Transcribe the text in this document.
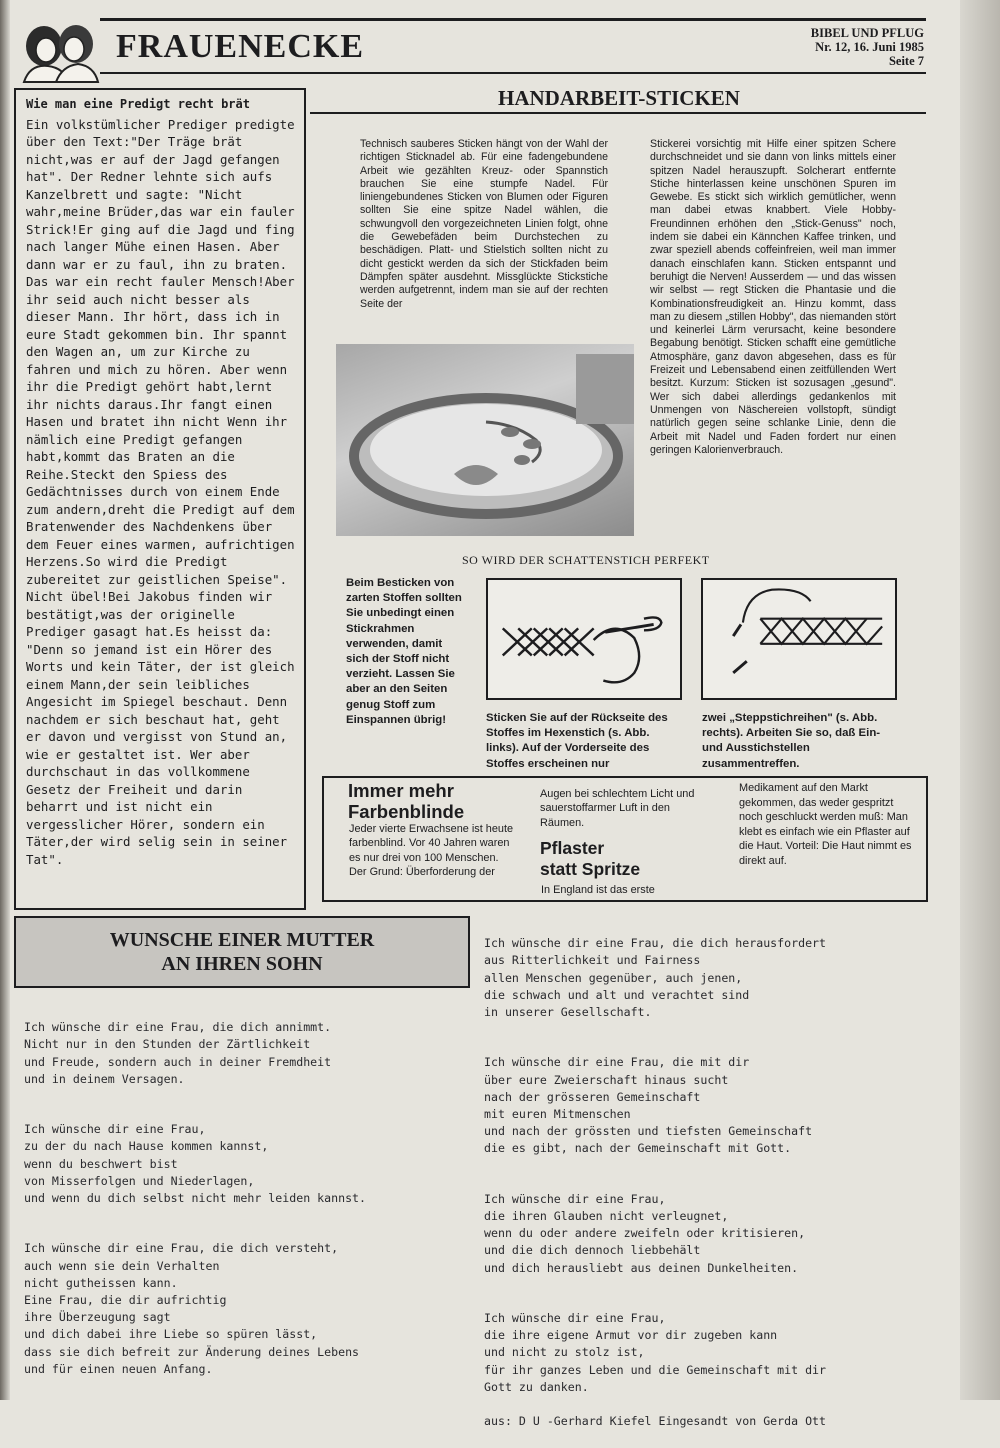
FRAUENECKE	BIBEL UND PFLUG
Nr. 12, 16. Juni 1985
Seite 7
Wie man eine Predigt recht brät
Ein volkstümlicher Prediger predigte über den Text:"Der Träge brät nicht,was er auf der Jagd gefangen hat". Der Redner lehnte sich aufs Kanzelbrett und sagte: "Nicht wahr,meine Brüder,das war ein fauler Strick!Er ging auf die Jagd und fing nach langer Mühe einen Hasen. Aber dann war er zu faul, ihn zu braten. Das war ein recht fauler Mensch!Aber ihr seid auch nicht besser als dieser Mann. Ihr hört, dass ich in eure Stadt gekommen bin. Ihr spannt den Wagen an, um zur Kirche zu fahren und mich zu hören. Aber wenn ihr die Predigt gehört habt,lernt ihr nichts daraus.Ihr fangt einen Hasen und bratet ihn nicht Wenn ihr nämlich eine Predigt gefangen habt,kommt das Braten an die Reihe.Steckt den Spiess des Gedächtnisses durch von einem Ende zum andern,dreht die Predigt auf dem Bratenwender des Nachdenkens über dem Feuer eines warmen, aufrichtigen Herzens.So wird die Predigt zubereitet zur geistlichen Speise".
Nicht übel!Bei Jakobus finden wir bestätigt,was der originelle Prediger gasagt hat.Es heisst da: "Denn so jemand ist ein Hörer des Worts und kein Täter, der ist gleich einem Mann,der sein leibliches Angesicht im Spiegel beschaut. Denn nachdem er sich beschaut hat, geht er davon und vergisst von Stund an, wie er gestaltet ist. Wer aber durchschaut in das vollkommene Gesetz der Freiheit und darin beharrt und ist nicht ein vergesslicher Hörer, sondern ein Täter,der wird selig sein in seiner Tat".
HANDARBEIT-STICKEN
Technisch sauberes Sticken hängt von der Wahl der richtigen Sticknadel ab. Für eine fadengebundene Arbeit wie gezählten Kreuz- oder Spannstich brauchen Sie eine stumpfe Nadel. Für liniengebundenes Sticken von Blumen oder Figuren sollten Sie eine spitze Nadel wählen, die schwungvoll den vorgezeichneten Linien folgt, ohne die Gewebefäden beim Durchstechen zu beschädigen. Platt- und Stielstich sollten nicht zu dicht gestickt werden da sich der Stickfaden beim Dämpfen später ausdehnt. Missglückte Stickstiche werden aufgetrennt, indem man sie auf der rechten Seite der
Stickerei vorsichtig mit Hilfe einer spitzen Schere durchschneidet und sie dann von links mittels einer spitzen Nadel herauszupft. Solcherart entfernte Stiche hinterlassen keine unschönen Spuren im Gewebe. Es stickt sich wirklich gemütlicher, wenn man dabei etwas knabbert. Viele Hobby-Freundinnen erhöhen den „Stick-Genuss" noch, indem sie dabei ein Kännchen Kaffee trinken, und zwar speziell abends coffeinfreien, weil man immer danach einschlafen kann. Sticken entspannt und beruhigt die Nerven! Ausserdem — und das wissen wir selbst — regt Sticken die Phantasie und die Kombinationsfreudigkeit an. Hinzu kommt, dass man zu diesem „stillen Hobby", das niemanden stört und keinerlei Lärm verursacht, keine besondere Begabung benötigt. Sticken schafft eine gemütliche Atmosphäre, ganz davon abgesehen, dass es für Freizeit und Lebensabend einen zeitfüllenden Wert besitzt. Kurzum: Sticken ist sozusagen „gesund". Wer sich dabei allerdings gedankenlos mit Unmengen von Näschereien vollstopft, sündigt natürlich gegen seine schlanke Linie, denn die Arbeit mit Nadel und Faden fordert nur einen geringen Kalorienverbrauch.
SO WIRD DER SCHATTENSTICH PERFEKT
Beim Besticken von zarten Stoffen sollten Sie unbedingt einen Stickrahmen verwenden, damit sich der Stoff nicht verzieht. Lassen Sie aber an den Seiten genug Stoff zum Einspannen übrig!	Sticken Sie auf der Rückseite des Stoffes im Hexenstich (s. Abb. links). Auf der Vorderseite des Stoffes erscheinen nur
zwei „Steppstichreihen" (s. Abb. rechts). Arbeiten Sie so, daß Ein- und Ausstichstellen zusammentreffen.
Immer mehr
Farbenblinde
Jeder vierte Erwachsene ist heute farbenblind. Vor 40 Jahren waren es nur drei von 100 Menschen. Der Grund: Überforderung der
Augen bei schlechtem Licht und sauerstoffarmer Luft in den Räumen.
Pflaster
statt Spritze
In England ist das erste
Medikament auf den Markt gekommen, das weder gespritzt noch geschluckt werden muß: Man klebt es einfach wie ein Pflaster auf die Haut. Vorteil: Die Haut nimmt es direkt auf.
WUNSCHE EINER MUTTER
AN IHREN SOHN

Ich wünsche dir eine Frau, die dich annimmt.
Nicht nur in den Stunden der Zärtlichkeit
und Freude, sondern auch in deiner Fremdheit
und in deinem Versagen.

Ich wünsche dir eine Frau,
zu der du nach Hause kommen kannst,
wenn du beschwert bist
von Misserfolgen und Niederlagen,
und wenn du dich selbst nicht mehr leiden kannst.

Ich wünsche dir eine Frau, die dich versteht,
auch wenn sie dein Verhalten
nicht gutheissen kann.
Eine Frau, die dir aufrichtig
ihre Überzeugung sagt
und dich dabei ihre Liebe so spüren lässt,
dass sie dich befreit zur Änderung deines Lebens
und für einen neuen Anfang.

Ich wünsche dir eine Frau, die dich herausfordert
aus Ritterlichkeit und Fairness
allen Menschen gegenüber, auch jenen,
die schwach und alt und verachtet sind
in unserer Gesellschaft.

Ich wünsche dir eine Frau, die mit dir
über eure Zweierschaft hinaus sucht
nach der grösseren Gemeinschaft
mit euren Mitmenschen
und nach der grössten und tiefsten Gemeinschaft
die es gibt, nach der Gemeinschaft mit Gott.

Ich wünsche dir eine Frau,
die ihren Glauben nicht verleugnet,
wenn du oder andere zweifeln oder kritisieren,
und die dich dennoch liebbehält
und dich herausliebt aus deinen Dunkelheiten.

Ich wünsche dir eine Frau,
die ihre eigene Armut vor dir zugeben kann
und nicht zu stolz ist,
für ihr ganzes Leben und die Gemeinschaft mit dir
Gott zu danken.

aus: D U -Gerhard Kiefel Eingesandt von Gerda Ott
